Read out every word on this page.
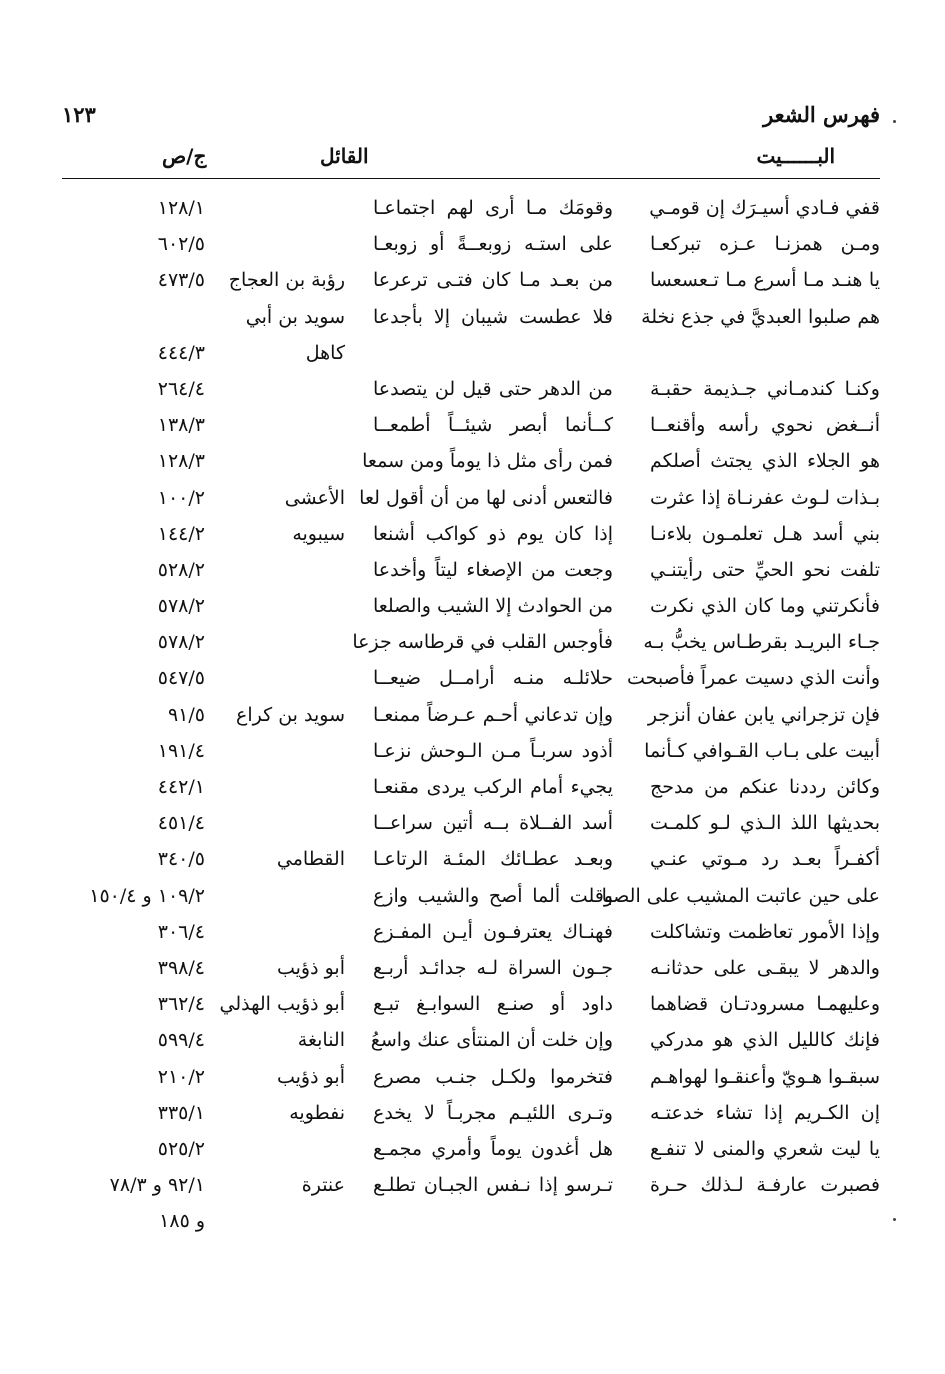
فهرس الشعر
١٢٣
البــــــيت
القائل
ج/ص
قفي فـادي أسيـرَك إن قومـي
وقومَك مـا أرى لهم اجتماعـا
١٢٨/١
ومـن همزنـا عـزه تبركعـا
على استـه زوبعــةً أو زوبعـا
٦٠٢/٥
يا هنـد مـا أسرع مـا تـعسعسا
من بعـد مـا كان فتـى ترعرعا
رؤبة بن العجاج
٤٧٣/٥
هم صلبوا العبديَّ في جذع نخلة
فلا عطست شيبان إلا بأجدعا
سويد بن أبي
كاهل
٤٤٤/٣
وكنـا كندمـاني جـذيمة حقبـة
من الدهر حتى قيل لن يتصدعا
٢٦٤/٤
أنــغض نحوي رأسه وأقنعــا
كــأنما أبصر شيئــاً أطمعــا
١٣٨/٣
هو الجلاء الذي يجتث أصلكم
فمن رأى مثل ذا يوماً ومن سمعا
١٢٨/٣
بـذات لـوث عفرنـاة إذا عثرت
فالتعس أدنى لها من أن أقول لعا
الأعشى
١٠٠/٢
بني أسد هـل تعلمـون بلاءنـا
إذا كان يوم ذو كواكب أشنعا
سيبويه
١٤٤/٢
تلفت نحو الحيِّ حتى رأيتنـي
وجعت من الإصغاء ليتاً وأخدعا
٥٢٨/٢
فأنكرتني وما كان الذي نكرت
من الحوادث إلا الشيب والصلعا
٥٧٨/٢
جـاء البريـد بقرطـاس يخبُّ بـه
فأوجس القلب في قرطاسه جزعا
٥٧٨/٢
وأنت الذي دسيت عمراً فأصبحت
حلائلـه منـه أرامــل ضيعــا
٥٤٧/٥
فإن تزجراني يابن عفان أنزجر
وإن تدعاني أحـم عـرضاً ممنعـا
سويد بن كراع
٩١/٥
أبيت على بـاب القـوافي كـأنما
أذود سربـاً مـن الـوحش نزعـا
١٩١/٤
وكائن رددنا عنكم من مدحج
يجيء أمام الركب يردى مقنعـا
٤٤٢/١
بحديثها اللذ الـذي لـو كلمـت
أسد الفــلاة بــه أتين سراعــا
٤٥١/٤
أكفـراً بعـد رد مـوتي عنـي
وبعـد عطـائك المئـة الرتاعـا
القطامي
٣٤٠/٥
على حين عاتبت المشيب على الصبا
وقلت ألما أصح والشيب وازع
١٠٩/٢ و ١٥٠/٤
وإذا الأمور تعاظمت وتشاكلت
فهنـاك يعترفـون أيـن المفـزع
٣٠٦/٤
والدهر لا يبقـى على حدثانـه
جـون السراة لـه جدائـد أربـع
أبو ذؤيب
٣٩٨/٤
وعليهمـا مسرودتـان قضاهما
داود أو صنـع السوابـغ تبـع
أبو ذؤيب الهذلي
٣٦٢/٤
فإنك كالليل الذي هو مدركي
وإن خلت أن المنتأى عنك واسعُ
النابغة
٥٩٩/٤
سبقـوا هـويّ وأعنقـوا لهواهـم
فتخرموا ولكـل جنـب مصرع
أبو ذؤيب
٢١٠/٢
إن الكـريم إذا تشاء خدعتـه
وتـرى اللئيـم مجربـاً لا يخدع
نفطويه
٣٣٥/١
يا ليت شعري والمنى لا تنفـع
هل أغدون يوماً وأمري مجمـع
٥٢٥/٢
فصبرت عارفـة لـذلك حـرة
تـرسو إذا نـفس الجبـان تطلـع
عنترة
٩٢/١ و ٧٨/٣
و ١٨٥
